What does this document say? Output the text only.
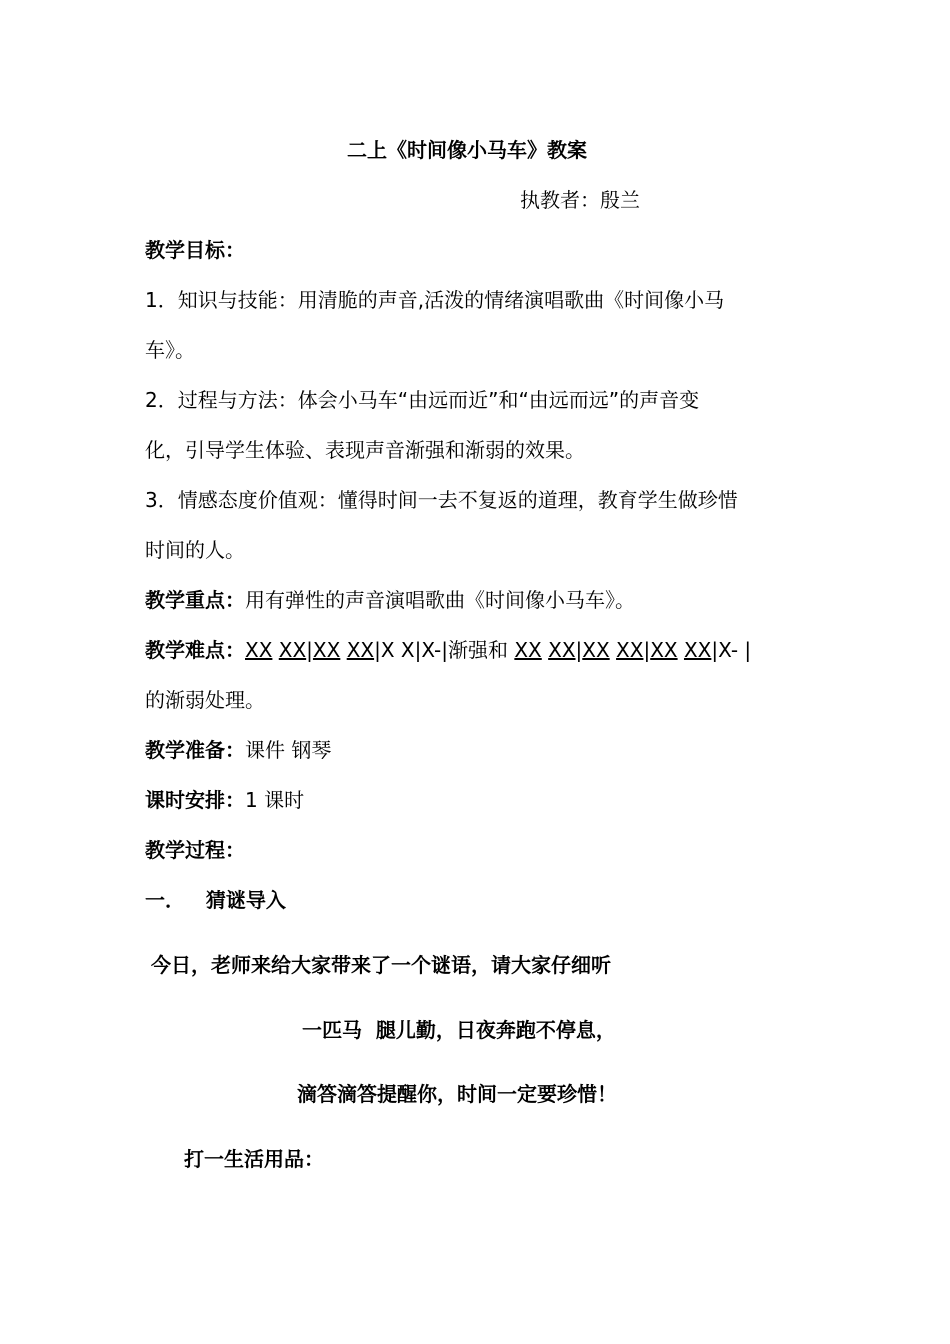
二上《时间像小马车》教案
执教者：殷兰
教学目标：
1．知识与技能：用清脆的声音,活泼的情绪演唱歌曲《时间像小马
车》。
2．过程与方法：体会小马车“由远而近”和“由远而远”的声音变
化，引导学生体验、表现声音渐强和渐弱的效果。
3．情感态度价值观：懂得时间一去不复返的道理，教育学生做珍惜
时间的人。
教学重点：用有弹性的声音演唱歌曲《时间像小马车》。
教学难点：XX XX|XX XX|X X|X-|渐强和 XX XX|XX XX|XX XX|X- |
的渐弱处理。
教学准备：课件 钢琴
课时安排：1 课时
教学过程：
一．   猜谜导入
今日，老师来给大家带来了一个谜语，请大家仔细听
一匹马  腿儿勤，日夜奔跑不停息，
滴答滴答提醒你，时间一定要珍惜！
打一生活用品：
